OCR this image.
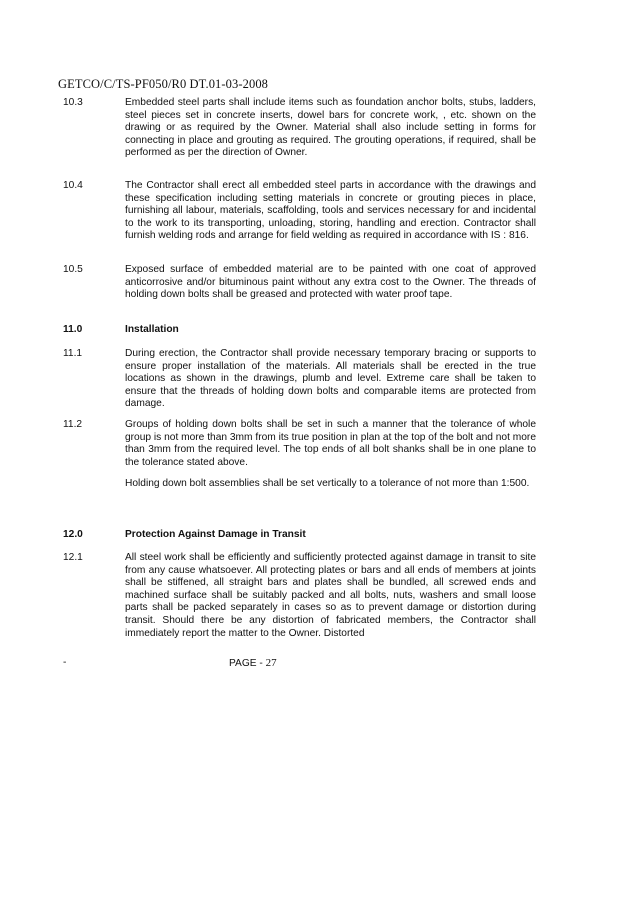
GETCO/C/TS-PF050/R0 DT.01-03-2008
10.3	Embedded steel parts shall include items such as foundation anchor bolts, stubs, ladders, steel pieces set in concrete inserts, dowel bars for concrete work, , etc. shown on the drawing or as required by the Owner. Material shall also include setting in forms for connecting in place and grouting as required. The grouting operations, if required, shall be performed as per the direction of Owner.

10.4	The Contractor shall erect all embedded steel parts in accordance with the drawings and these specification including setting materials in concrete or grouting pieces in place, furnishing all labour, materials, scaffolding, tools and services necessary for and incidental to the work to its transporting, unloading, storing, handling and erection. Contractor shall furnish welding rods and arrange for field welding as required in accordance with IS : 816.

10.5	Exposed surface of embedded material are to be painted with one coat of approved anticorrosive and/or bituminous paint without any extra cost to the Owner. The threads of holding down bolts shall be greased and protected with water proof tape.

11.0	Installation
11.1	During erection, the Contractor shall provide necessary temporary bracing or supports to ensure proper installation of the materials. All materials shall be erected in the true locations as shown in the drawings, plumb and level. Extreme care shall be taken to ensure that the threads of holding down bolts and comparable items are protected from damage.

11.2	Groups of holding down bolts shall be set in such a manner that the tolerance of whole group is not more than 3mm from its true position in plan at the top of the bolt and not more than 3mm from the required level. The top ends of all bolt shanks shall be in one plane to the tolerance stated above.

Holding down bolt assemblies shall be set vertically to a tolerance of not more than 1:500.

12.0	Protection Against Damage in Transit
12.1	All steel work shall be efficiently and sufficiently protected against damage in transit to site from any cause whatsoever. All protecting plates or bars and all ends of members at joints shall be stiffened, all straight bars and plates shall be bundled, all screwed ends and machined surface shall be suitably packed and all bolts, nuts, washers and small loose parts shall be packed separately in cases so as to prevent damage or distortion during transit. Should there be any distortion of fabricated members, the Contractor shall immediately report the matter to the Owner. Distorted

-	PAGE - 27
